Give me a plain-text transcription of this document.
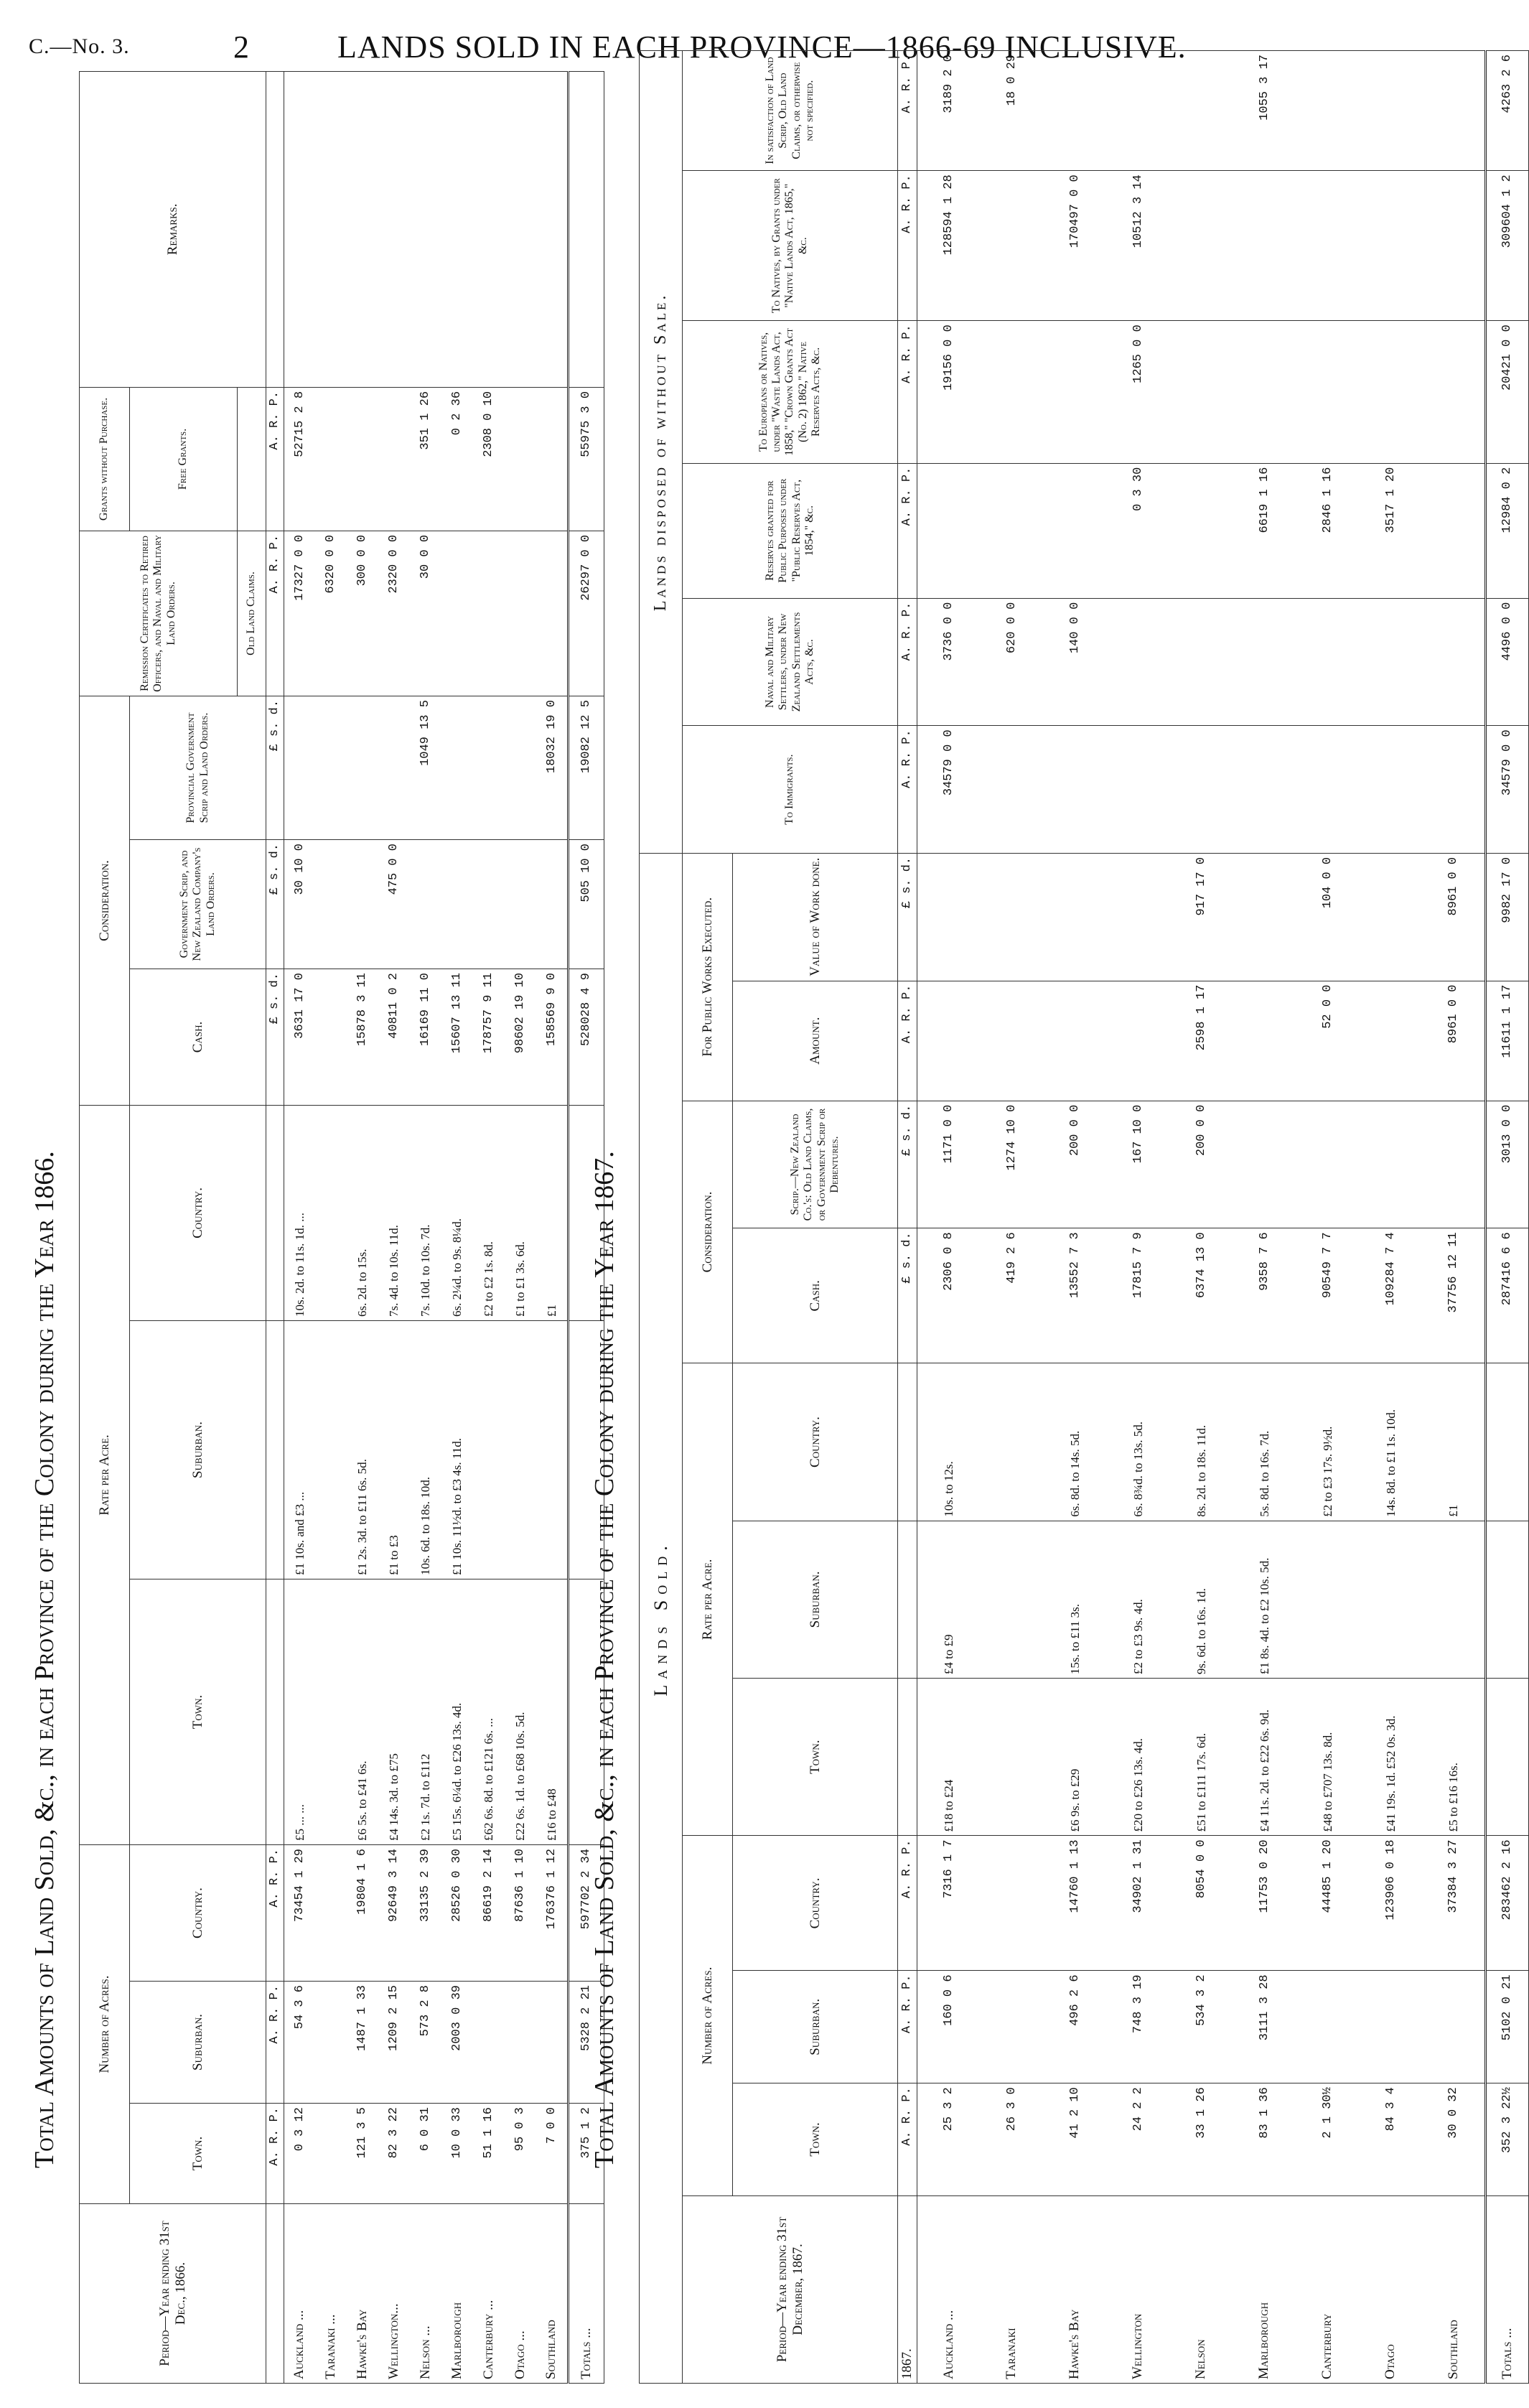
C.—No. 3.	2	LANDS SOLD IN EACH PROVINCE—1866-69 INCLUSIVE.
Total Amounts of Land Sold, &c., in each Province of the Colony during the Year 1866.
Period—Year ending 31st Dec., 1866.	Number of Acres.			Rate per Acre.			Consideration.			Remission Certificates to Retired Officers, and Naval and Military Land Orders.	Grants without Purchase.	Remarks.
	Town.	Suburban.	Country.	Town.	Suburban.	Country.	Cash.	Government Scrip, and New Zealand Company's Land Orders.	Provincial Government Scrip and Land Orders.		Free Grants.	
										Old Land Claims.		
	A. R. P.	A. R. P.	A. R. P.				£ s. d.	£ s. d.	£ s. d.	A. R. P.	A. R. P.	
Auckland ...	0 3 12	54 3 6	73454 1 29	£5 ... ...	£1 10s. and £3 ...	10s. 2d. to 11s. 1d. ...	3631 17 0	30 10 0		17327 0 0	52715 2 8	
Taranaki ...										6320 0 0		
Hawke's Bay	121 3 5	1487 1 33	19804 1 6	£6 5s. to £41 6s.	£1 2s. 3d. to £11 6s. 5d.	6s. 2d. to 15s.	15878 3 11			300 0 0		
Wellington...	82 3 22	1209 2 15	92649 3 14	£4 14s. 3d. to £75	£1 to £3	7s. 4d. to 10s. 11d.	40811 0 2	475 0 0		2320 0 0		
Nelson ...	6 0 31	573 2 8	33135 2 39	£2 1s. 7d. to £112	10s. 6d. to 18s. 10d.	7s. 10d. to 10s. 7d.	16169 11 0		1049 13 5	30 0 0	351 1 26	
Marlborough	10 0 33	2003 0 39	28526 0 30	£5 15s. 6¼d. to £26 13s. 4d.	£1 10s. 11½d. to £3 4s. 11d.	6s. 2¼d. to 9s. 8¼d.	15607 13 11				0 2 36	
Canterbury ...	51 1 16		86619 2 14	£62 6s. 8d. to £121 6s. ...		£2 to £2 1s. 8d.	178757 9 11				2308 0 10	
Otago ...	95 0 3		87636 1 10	£22 6s. 1d. to £68 10s. 5d.		£1 to £1 3s. 6d.	98602 19 10					
Southland	7 0 0		176376 1 12	£16 to £48		£1	158569 9 0		18032 19 0			
Totals ...	375 1 2	5328 2 21	597702 2 34				528028 4 9	505 10 0	19082 12 5	26297 0 0	55975 3 0	
Total Amounts of Land Sold, &c., in each Province of the Colony during the Year 1867. Lands Sold.											Lands disposed of without Sale.					
Period—Year ending 31st December, 1867.	Number of Acres.			Rate per Acre.			Consideration.		For Public Works Executed.		To Immigrants.	Naval and Military Settlers, under New Zealand Settlements Acts, &c.	Reserves granted for Public Purposes under "Public Reserves Act, 1854," &c.	To Europeans or Natives, under "Waste Lands Act, 1858," "Crown Grants Act (No. 2) 1862," Native Reserves Acts, &c.	To Natives, by Grants under "Native Lands Act, 1865," &c.	In satisfaction of Land Scrip, Old Land Claims, or otherwise not specified.
	Town.	Suburban.	Country.	Town.	Suburban.	Country.	Cash.	Scrip.—New Zealand Co.'s: Old Land Claims, or Government Scrip or Debentures.	Amount.	Value of Work done.						

1867.	A. R. P.	A. R. P.	A. R. P.				£ s. d.	£ s. d.	A. R. P.	£ s. d.	A. R. P.	A. R. P.	A. R. P.	A. R. P.	A. R. P.	A. R. P.
Auckland ...	25 3 2	160 0 6	7316 1 7	£18 to £24	£4 to £9	10s. to 12s.	2306 0 8	1171 0 0			34579 0 0	3736 0 0		19156 0 0	128594 1 28	3189 2 0
Taranaki	26 3 0						419 2 6	1274 10 0				620 0 0				18 0 29
Hawke's Bay	41 2 10	496 2 6	14760 1 13	£6 9s. to £29	15s. to £11 3s.	6s. 8d. to 14s. 5d.	13552 7 3	200 0 0				140 0 0			170497 0 0	
Wellington	24 2 2	748 3 19	34902 1 31	£20 to £26 13s. 4d.	£2 to £3 9s. 4d.	6s. 8¾d. to 13s. 5d.	17815 7 9	167 10 0					0 3 30	1265 0 0	10512 3 14	
Nelson	33 1 26	534 3 2	8054 0 0	£51 to £111 17s. 6d.	9s. 6d. to 16s. 1d.	8s. 2d. to 18s. 11d.	6374 13 0	200 0 0	2598 1 17	917 17 0						
Marlborough	83 1 36	3111 3 28	11753 0 20	£4 11s. 2d. to £22 6s. 9d.	£1 8s. 4d. to £2 10s. 5d.	5s. 8d. to 16s. 7d.	9358 7 6						6619 1 16			1055 3 17
Canterbury	2 1 30½		44485 1 20	£48 to £707 13s. 8d.		£2 to £3 17s. 9½d.	90549 7 7		52 0 0	104 0 0			2846 1 16			
Otago	84 3 4		123906 0 18	£41 19s. 1d. £52 0s. 3d.		14s. 8d. to £1 1s. 10d.	109284 7 4						3517 1 20			
Southland	30 0 32		37384 3 27	£5 to £16 16s.		£1	37756 12 11		8961 0 0	8961 0 0						
Totals ...	352 3 22½	5102 0 21	283462 2 16				287416 6 6	3013 0 0	11611 1 17	9982 17 0	34579 0 0	4496 0 0	12984 0 2	20421 0 0	309604 1 2	4263 2 6
